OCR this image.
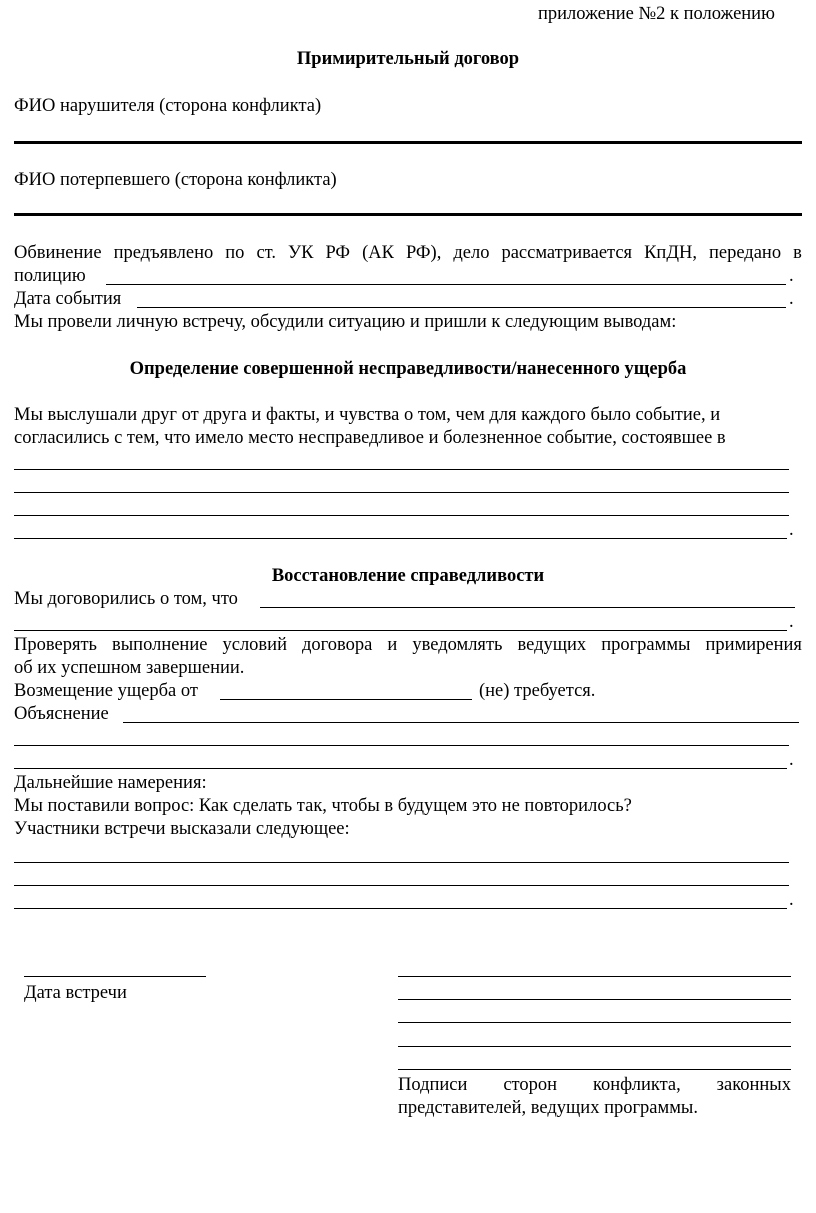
приложение №2 к положению
Примирительный договор
ФИО нарушителя (сторона конфликта)
ФИО потерпевшего (сторона конфликта)
Обвинение предъявлено по ст. УК РФ (АК РФ), дело рассматривается КпДН, передано в
полицию	.
Дата события	.
Мы провели личную встречу, обсудили ситуацию и пришли к следующим выводам:
Определение совершенной несправедливости/нанесенного ущерба
Мы выслушали друг от друга и факты, и чувства о том, чем для каждого было событие, и
согласились с тем, что имело место несправедливое и болезненное событие, состоявшее в
.
Восстановление справедливости
Мы договорились о том, что
.
Проверять выполнение условий договора и уведомлять ведущих программы примирения
об их успешном завершении.
Возмещение ущерба от	(не) требуется.
Объяснение
.
Дальнейшие намерения:
Мы поставили вопрос: Как сделать так, чтобы в будущем это не повторилось?
Участники встречи высказали следующее:
.
Дата встречи
Подписи сторон конфликта, законных
представителей, ведущих программы.
